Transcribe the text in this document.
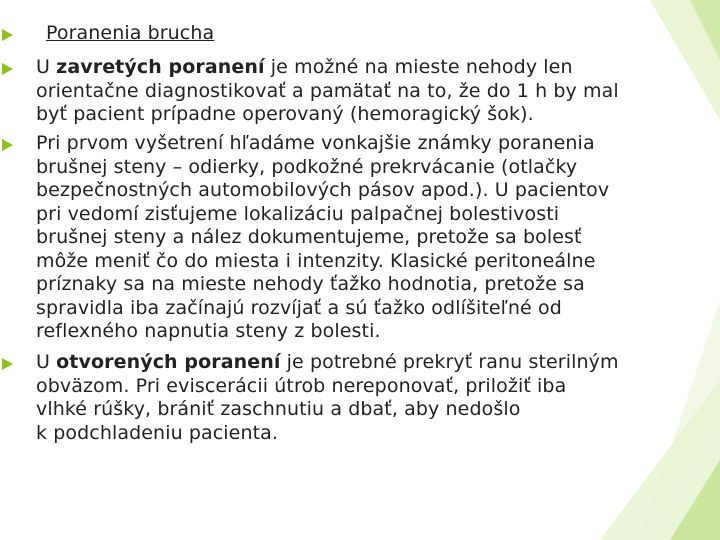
Poranenia brucha
U zavretých poranení je možné na mieste nehody len
orientačne diagnostikovať a pamätať na to, že do 1 h by mal
byť pacient prípadne operovaný (hemoragický šok).
Pri prvom vyšetrení hľadáme vonkajšie známky poranenia
brušnej steny – odierky, podkožné prekrvácanie (otlačky
bezpečnostných automobilových pásov apod.). U pacientov
pri vedomí zisťujeme lokalizáciu palpačnej bolestivosti
brušnej steny a nález dokumentujeme, pretože sa bolesť
môže meniť čo do miesta i intenzity. Klasické peritoneálne
príznaky sa na mieste nehody ťažko hodnotia, pretože sa
spravidla iba začínajú rozvíjať a sú ťažko odlíšiteľné od
reflexného napnutia steny z bolesti.
U otvorených poranení je potrebné prekryť ranu sterilným
obväzom. Pri eviscerácii útrob nereponovať, priložiť iba
vlhké rúšky, brániť zaschnutiu a dbať, aby nedošlo
k podchladeniu pacienta.
